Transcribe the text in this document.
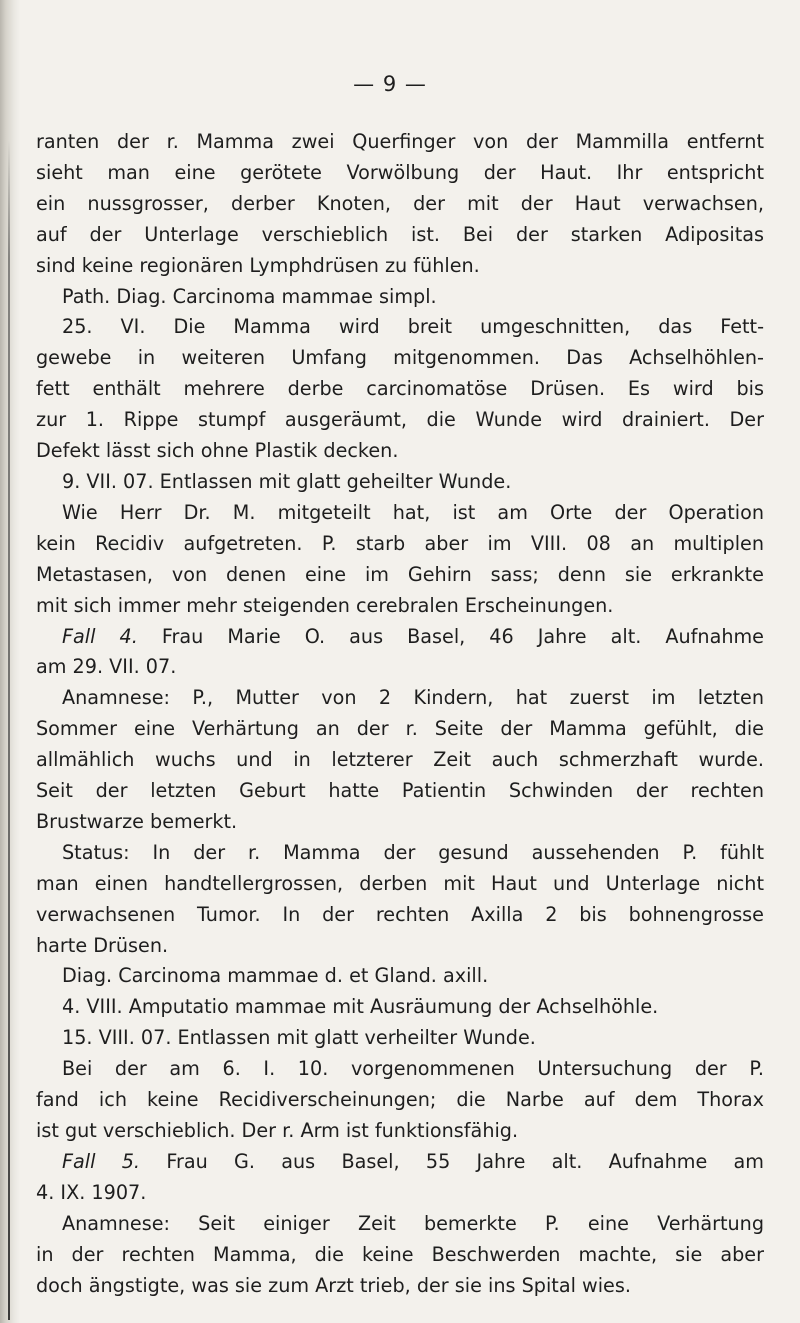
— 9 —
ranten der r. Mamma zwei Querfinger von der Mammilla entfernt
sieht man eine gerötete Vorwölbung der Haut. Ihr entspricht
ein nussgrosser, derber Knoten, der mit der Haut verwachsen,
auf der Unterlage verschieblich ist. Bei der starken Adipositas
sind keine regionären Lymphdrüsen zu fühlen.
Path. Diag. Carcinoma mammae simpl.
25. VI. Die Mamma wird breit umgeschnitten, das Fett-
gewebe in weiteren Umfang mitgenommen. Das Achselhöhlen-
fett enthält mehrere derbe carcinomatöse Drüsen. Es wird bis
zur 1. Rippe stumpf ausgeräumt, die Wunde wird drainiert. Der
Defekt lässt sich ohne Plastik decken.
9. VII. 07. Entlassen mit glatt geheilter Wunde.
Wie Herr Dr. M. mitgeteilt hat, ist am Orte der Operation
kein Recidiv aufgetreten. P. starb aber im VIII. 08 an multiplen
Metastasen, von denen eine im Gehirn sass; denn sie erkrankte
mit sich immer mehr steigenden cerebralen Erscheinungen.
Fall 4. Frau Marie O. aus Basel, 46 Jahre alt. Aufnahme
am 29. VII. 07.
Anamnese: P., Mutter von 2 Kindern, hat zuerst im letzten
Sommer eine Verhärtung an der r. Seite der Mamma gefühlt, die
allmählich wuchs und in letzterer Zeit auch schmerzhaft wurde.
Seit der letzten Geburt hatte Patientin Schwinden der rechten
Brustwarze bemerkt.
Status: In der r. Mamma der gesund aussehenden P. fühlt
man einen handtellergrossen, derben mit Haut und Unterlage nicht
verwachsenen Tumor. In der rechten Axilla 2 bis bohnengrosse
harte Drüsen.
Diag. Carcinoma mammae d. et Gland. axill.
4. VIII. Amputatio mammae mit Ausräumung der Achselhöhle.
15. VIII. 07. Entlassen mit glatt verheilter Wunde.
Bei der am 6. I. 10. vorgenommenen Untersuchung der P.
fand ich keine Recidiverscheinungen; die Narbe auf dem Thorax
ist gut verschieblich. Der r. Arm ist funktionsfähig.
Fall 5. Frau G. aus Basel, 55 Jahre alt. Aufnahme am
4. IX. 1907.
Anamnese: Seit einiger Zeit bemerkte P. eine Verhärtung
in der rechten Mamma, die keine Beschwerden machte, sie aber
doch ängstigte, was sie zum Arzt trieb, der sie ins Spital wies.
